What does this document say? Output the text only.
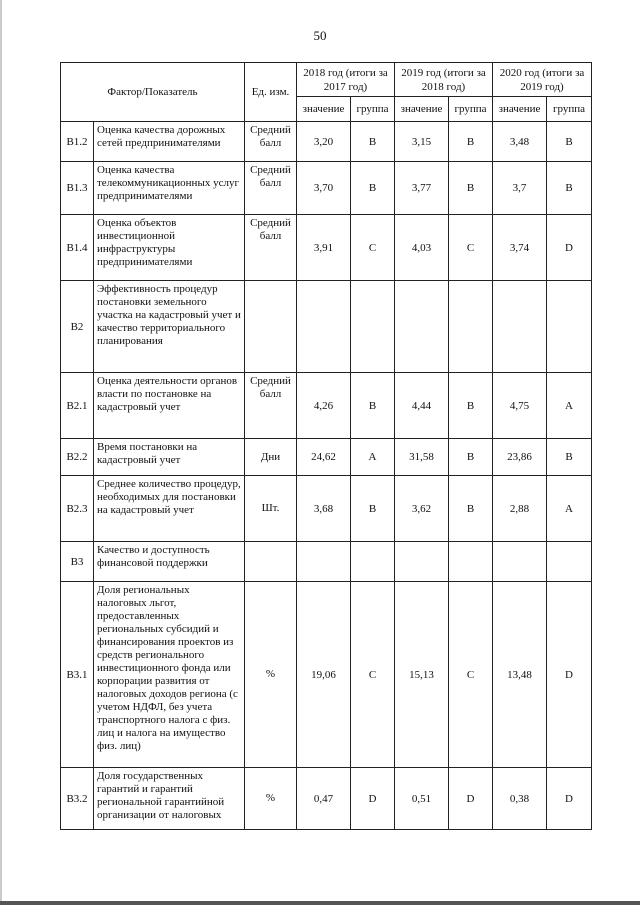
50
Фактор/Показатель		Ед. изм.	2018 год (итоги за 2017 год)		2019 год (итоги за 2018 год)		2020 год (итоги за 2019 год)	
			значение	группа	значение	группа	значение	группа
B1.2	Оценка качества дорожных сетей предпринимателями	Средний балл	3,20	B	3,15	B	3,48	B
B1.3	Оценка качества телекоммуникационных услуг предпринимателями	Средний балл	3,70	B	3,77	B	3,7	B
B1.4	Оценка объектов инвестиционной инфраструктуры предпринимателями	Средний балл	3,91	C	4,03	C	3,74	D
B2	Эффективность процедур постановки земельного участка на кадастровый учет и качество территориального планирования							
B2.1	Оценка деятельности органов власти по постановке на кадастровый учет	Средний балл	4,26	B	4,44	B	4,75	A
B2.2	Время постановки на кадастровый учет	Дни	24,62	A	31,58	B	23,86	B
B2.3	Среднее количество процедур, необходимых для постановки на кадастровый учет	Шт.	3,68	B	3,62	B	2,88	A
B3	Качество и доступность финансовой поддержки							
B3.1	Доля региональных налоговых льгот, предоставленных региональных субсидий и финансирования проектов из средств регионального инвестиционного фонда или корпорации развития от налоговых доходов региона (с учетом НДФЛ, без учета транспортного налога с физ. лиц и налога на имущество физ. лиц)	%	19,06	C	15,13	C	13,48	D
B3.2	Доля государственных гарантий и гарантий региональной гарантийной организации от налоговых	%	0,47	D	0,51	D	0,38	D
